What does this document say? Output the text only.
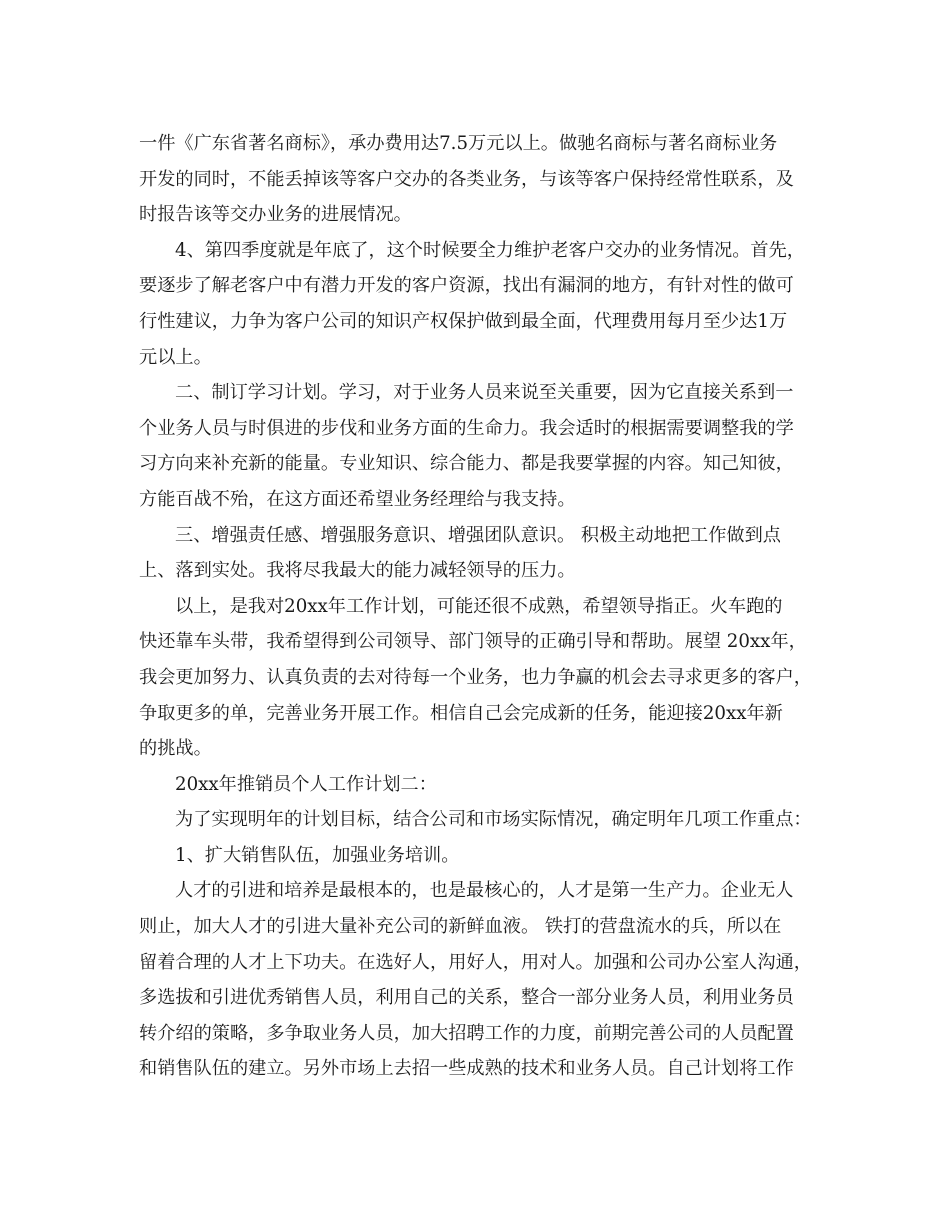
一件《广东省著名商标》，承办费用达7.5万元以上。做驰名商标与著名商标业务
开发的同时，不能丢掉该等客户交办的各类业务，与该等客户保持经常性联系，及
时报告该等交办业务的进展情况。
4、第四季度就是年底了，这个时候要全力维护老客户交办的业务情况。首先，
要逐步了解老客户中有潜力开发的客户资源，找出有漏洞的地方，有针对性的做可
行性建议，力争为客户公司的知识产权保护做到最全面，代理费用每月至少达1万
元以上。
二、制订学习计划。学习，对于业务人员来说至关重要，因为它直接关系到一
个业务人员与时俱进的步伐和业务方面的生命力。我会适时的根据需要调整我的学
习方向来补充新的能量。专业知识、综合能力、都是我要掌握的内容。知己知彼，
方能百战不殆，在这方面还希望业务经理给与我支持。
三、增强责任感、增强服务意识、增强团队意识。 积极主动地把工作做到点
上、落到实处。我将尽我最大的能力减轻领导的压力。
以上，是我对20xx年工作计划，可能还很不成熟，希望领导指正。火车跑的
快还靠车头带，我希望得到公司领导、部门领导的正确引导和帮助。展望 20xx年，
我会更加努力、认真负责的去对待每一个业务，也力争赢的机会去寻求更多的客户，
争取更多的单，完善业务开展工作。相信自己会完成新的任务，能迎接20xx年新
的挑战。
20xx年推销员个人工作计划二：
为了实现明年的计划目标，结合公司和市场实际情况，确定明年几项工作重点：
1、扩大销售队伍，加强业务培训。
人才的引进和培养是最根本的，也是最核心的，人才是第一生产力。企业无人
则止，加大人才的引进大量补充公司的新鲜血液。 铁打的营盘流水的兵，所以在
留着合理的人才上下功夫。在选好人，用好人，用对人。加强和公司办公室人沟通，
多选拔和引进优秀销售人员，利用自己的关系，整合一部分业务人员，利用业务员
转介绍的策略，多争取业务人员，加大招聘工作的力度，前期完善公司的人员配置
和销售队伍的建立。另外市场上去招一些成熟的技术和业务人员。自己计划将工作
